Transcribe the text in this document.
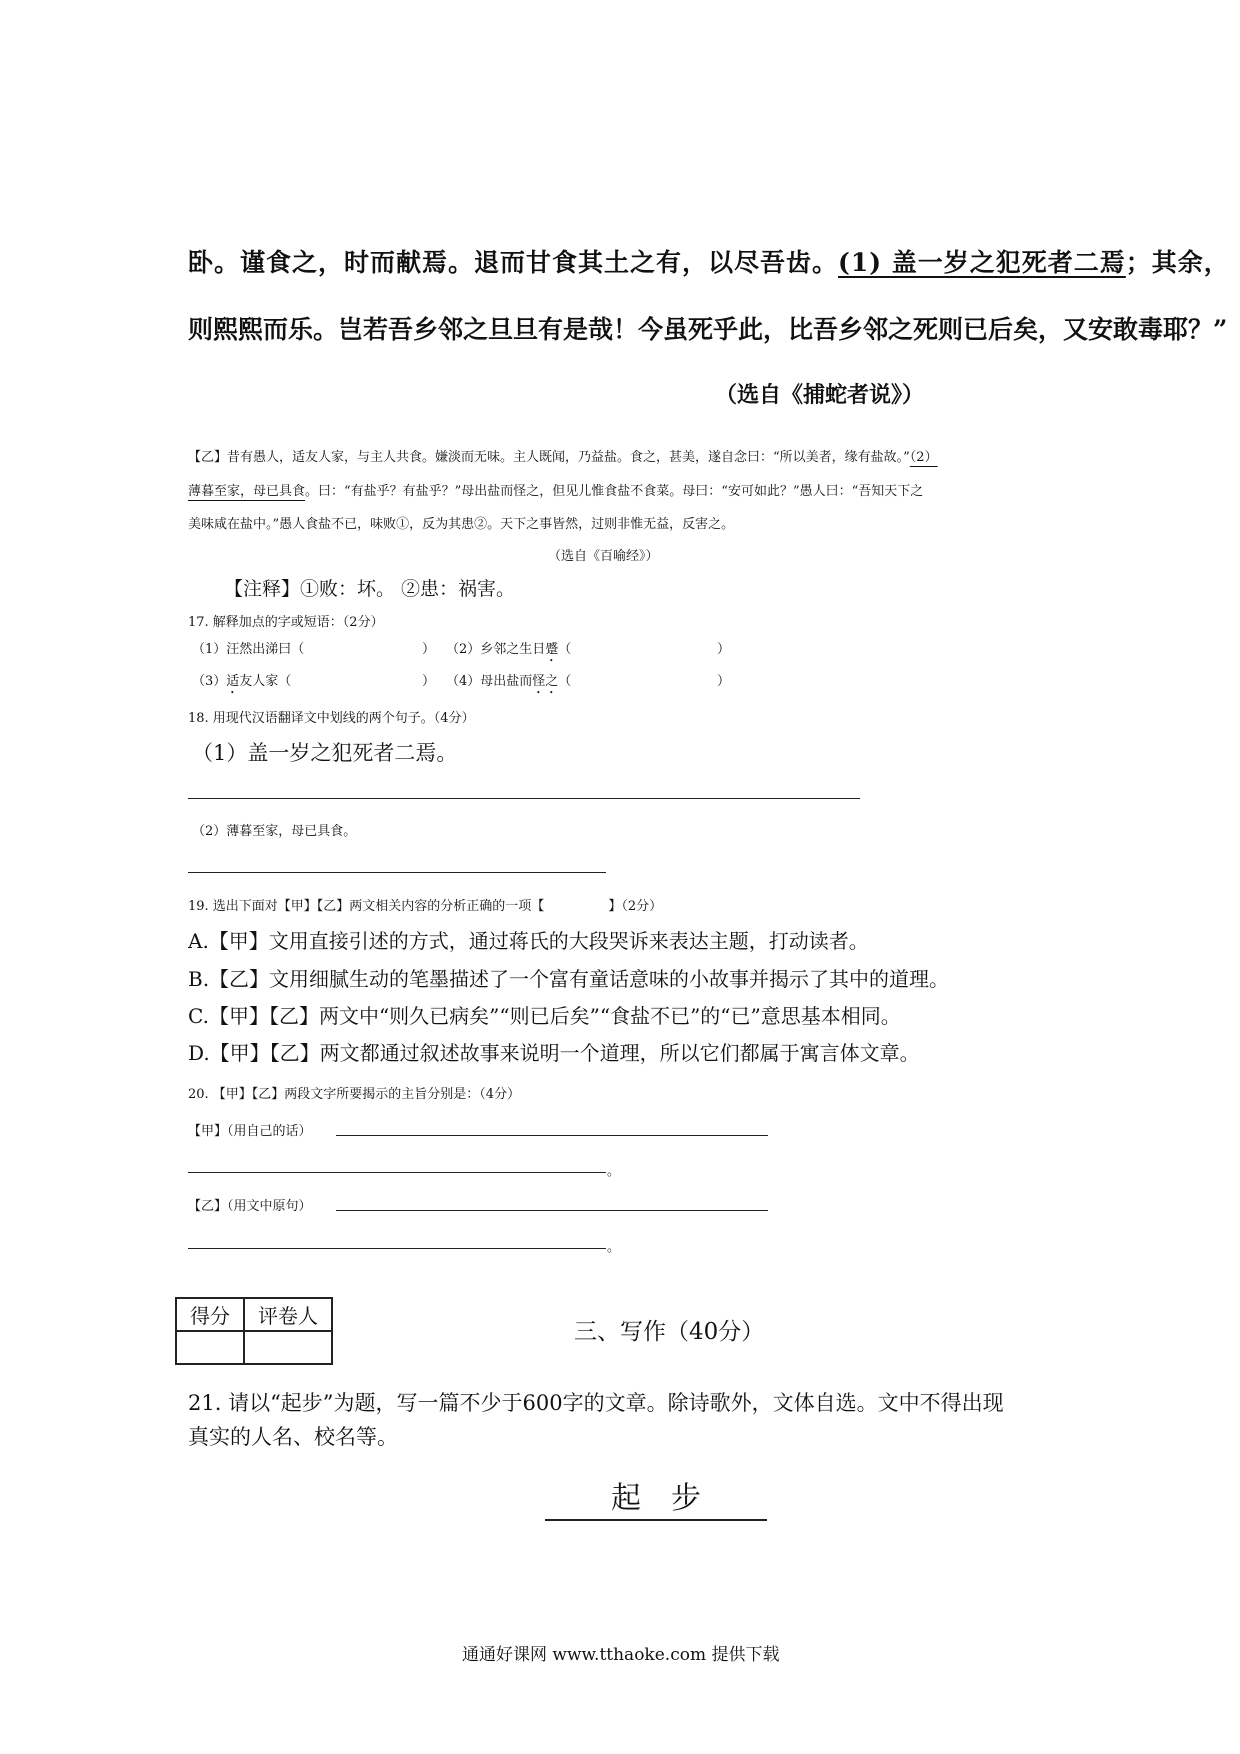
卧。谨食之，时而献焉。退而甘食其土之有，以尽吾齿。(1) 盖一岁之犯死者二焉；其余，
则熙熙而乐。岂若吾乡邻之旦旦有是哉！今虽死乎此，比吾乡邻之死则已后矣，又安敢毒耶？”
（选自《捕蛇者说》）
【乙】昔有愚人，适友人家，与主人共食。嫌淡而无味。主人既闻，乃益盐。食之，甚美，遂自念曰：“所以美者，缘有盐故。”（2）
薄暮至家，母已具食。曰：“有盐乎？有盐乎？”母出盐而怪之，但见儿惟食盐不食菜。母曰：“安可如此？”愚人曰：“吾知天下之
美味咸在盐中。”愚人食盐不已，味败①，反为其患②。天下之事皆然，过则非惟无益，反害之。
（选自《百喻经》）
【注释】①败：坏。 ②患：祸害。
17. 解释加点的字或短语：（2分）
（1）汪然出涕曰（	） （2）乡邻之生日蹙（	）
（3）适友人家（	） （4）母出盐而怪之（	）
18. 用现代汉语翻译文中划线的两个句子。（4分）
（1）盖一岁之犯死者二焉。
（2）薄暮至家，母已具食。
19. 选出下面对【甲】【乙】两文相关内容的分析正确的一项【	】（2分）
A.【甲】文用直接引述的方式，通过蒋氏的大段哭诉来表达主题，打动读者。
B.【乙】文用细腻生动的笔墨描述了一个富有童话意味的小故事并揭示了其中的道理。
C.【甲】【乙】两文中“则久已病矣”“则已后矣”“食盐不已”的“已”意思基本相同。
D.【甲】【乙】两文都通过叙述故事来说明一个道理，所以它们都属于寓言体文章。
20. 【甲】【乙】两段文字所要揭示的主旨分别是：（4分）
【甲】（用自己的话）
。
【乙】（用文中原句）
。
得分	评卷人

三、写作（40分）
21. 请以“起步”为题，写一篇不少于600字的文章。除诗歌外，文体自选。文中不得出现
真实的人名、校名等。
起　步
通通好课网 www.tthaoke.com 提供下载
